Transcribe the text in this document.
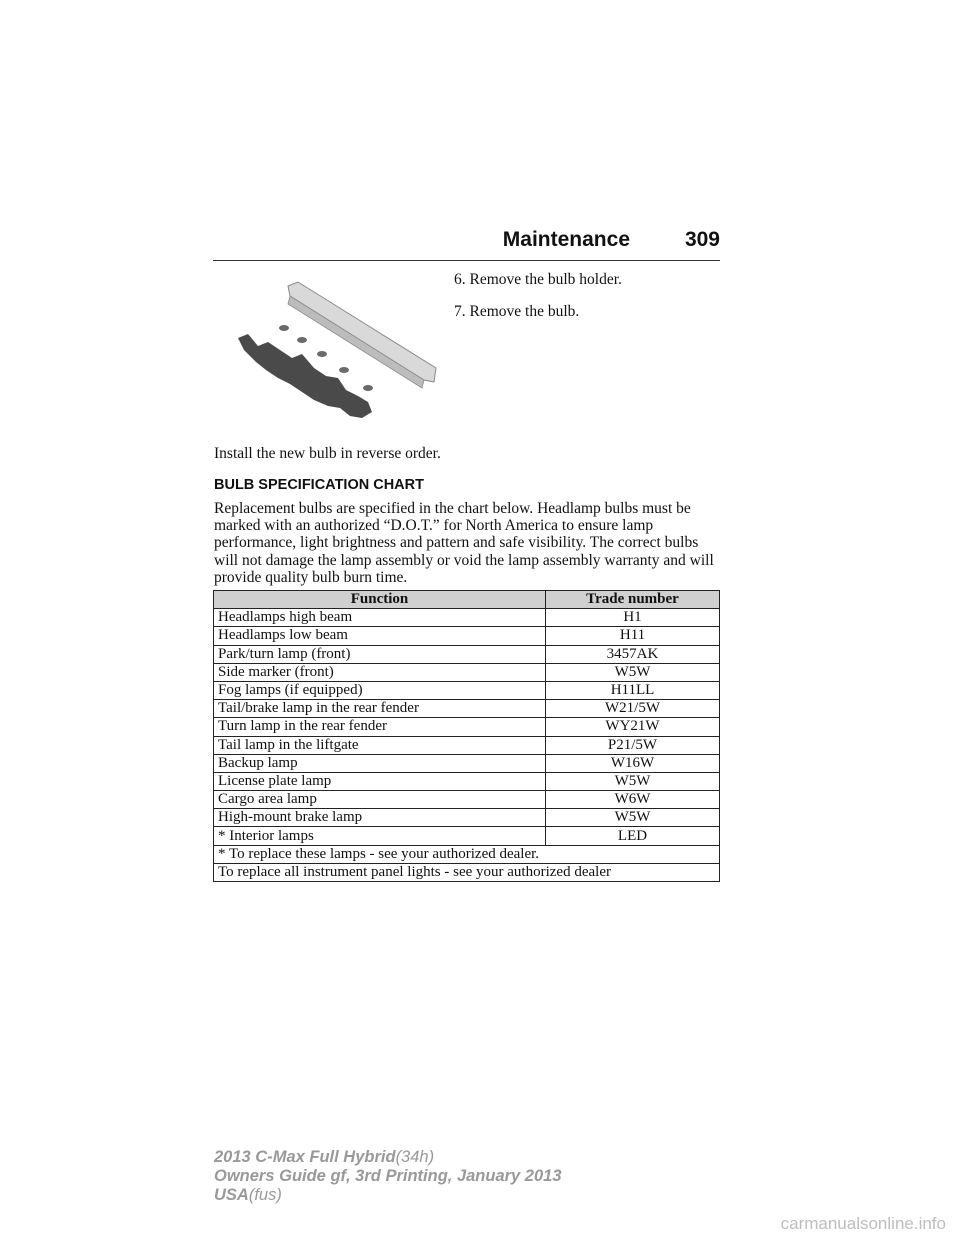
Maintenance	309
6. Remove the bulb holder.
7. Remove the bulb.
Install the new bulb in reverse order.
BULB SPECIFICATION CHART
Replacement bulbs are specified in the chart below. Headlamp bulbs must be marked with an authorized “D.O.T.” for North America to ensure lamp performance, light brightness and pattern and safe visibility. The correct bulbs will not damage the lamp assembly or void the lamp assembly warranty and will provide quality bulb burn time.
Function	Trade number
Headlamps high beam	H1
Headlamps low beam	H11
Park/turn lamp (front)	3457AK
Side marker (front)	W5W
Fog lamps (if equipped)	H11LL
Tail/brake lamp in the rear fender	W21/5W
Turn lamp in the rear fender	WY21W
Tail lamp in the liftgate	P21/5W
Backup lamp	W16W
License plate lamp	W5W
Cargo area lamp	W6W
High-mount brake lamp	W5W
* Interior lamps	LED
* To replace these lamps - see your authorized dealer.	
To replace all instrument panel lights - see your authorized dealer	
2013 C-Max Full Hybrid(34h)
Owners Guide gf, 3rd Printing, January 2013
USA(fus)
carmanualsonline.info
